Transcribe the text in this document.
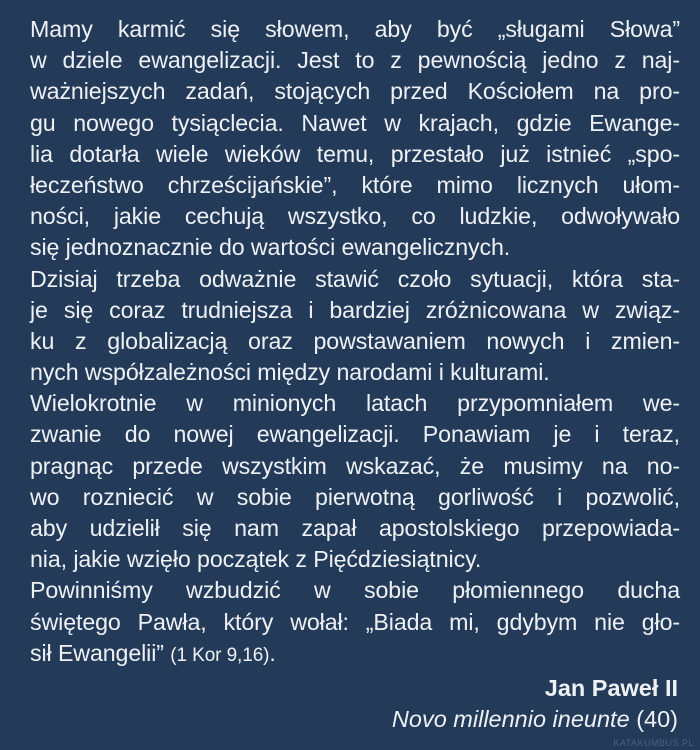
Mamy karmić się słowem, aby być „sługami Słowa”
w dziele ewangelizacji. Jest to z pewnością jedno z naj-
ważniejszych zadań, stojących przed Kościołem na pro-
gu nowego tysiąclecia. Nawet w krajach, gdzie Ewange-
lia dotarła wiele wieków temu, przestało już istnieć „spo-
łeczeństwo chrześcijańskie”, które mimo licznych ułom-
ności, jakie cechują wszystko, co ludzkie, odwoływało
się jednoznacznie do wartości ewangelicznych.
Dzisiaj trzeba odważnie stawić czoło sytuacji, która sta-
je się coraz trudniejsza i bardziej zróżnicowana w związ-
ku z globalizacją oraz powstawaniem nowych i zmien-
nych współzależności między narodami i kulturami.
Wielokrotnie w minionych latach przypomniałem we-
zwanie do nowej ewangelizacji. Ponawiam je i teraz,
pragnąc przede wszystkim wskazać, że musimy na no-
wo rozniecić w sobie pierwotną gorliwość i pozwolić,
aby udzielił się nam zapał apostolskiego przepowiada-
nia, jakie wzięło początek z Pięćdziesiątnicy.
Powinniśmy wzbudzić w sobie płomiennego ducha
świętego Pawła, który wołał: „Biada mi, gdybym nie gło-
sił Ewangelii” (1 Kor 9,16).
Jan Paweł II
Novo millennio ineunte (40)
KATAKUMBUS.PL
